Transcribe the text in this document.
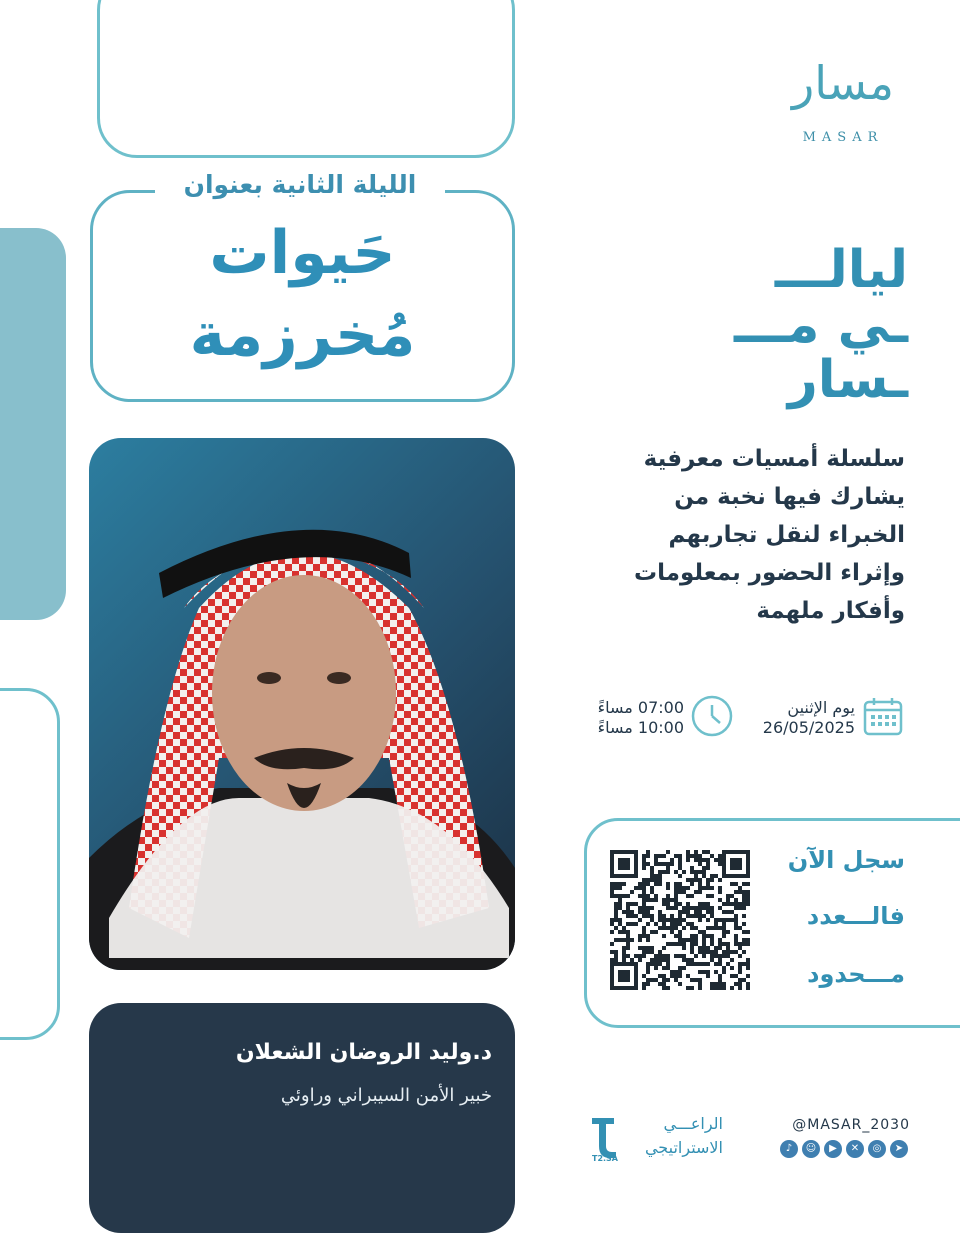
مسار
MASAR
الليلة الثانية بعنوان
حَيوات
مُخرزمة
ليالـــ
ـي مـــ
ـسار
سلسلة أمسيات معرفية
يشارك فيها نخبة من
الخبراء لنقل تجاربهم
وإثراء الحضور بمعلومات
وأفكار ملهمة
يوم الإثنين
26/05/2025
07:00 مساءً
10:00 مساءً
د.وليد الروضان الشعلان
خبير الأمن السيبراني وراوئي
سجل الآن
فالـــعدد
مـــحدود
@MASAR_2030
♪	☺	▶	✕	◎	➤
الراعـــي
الاستراتيجي
T2.SA
